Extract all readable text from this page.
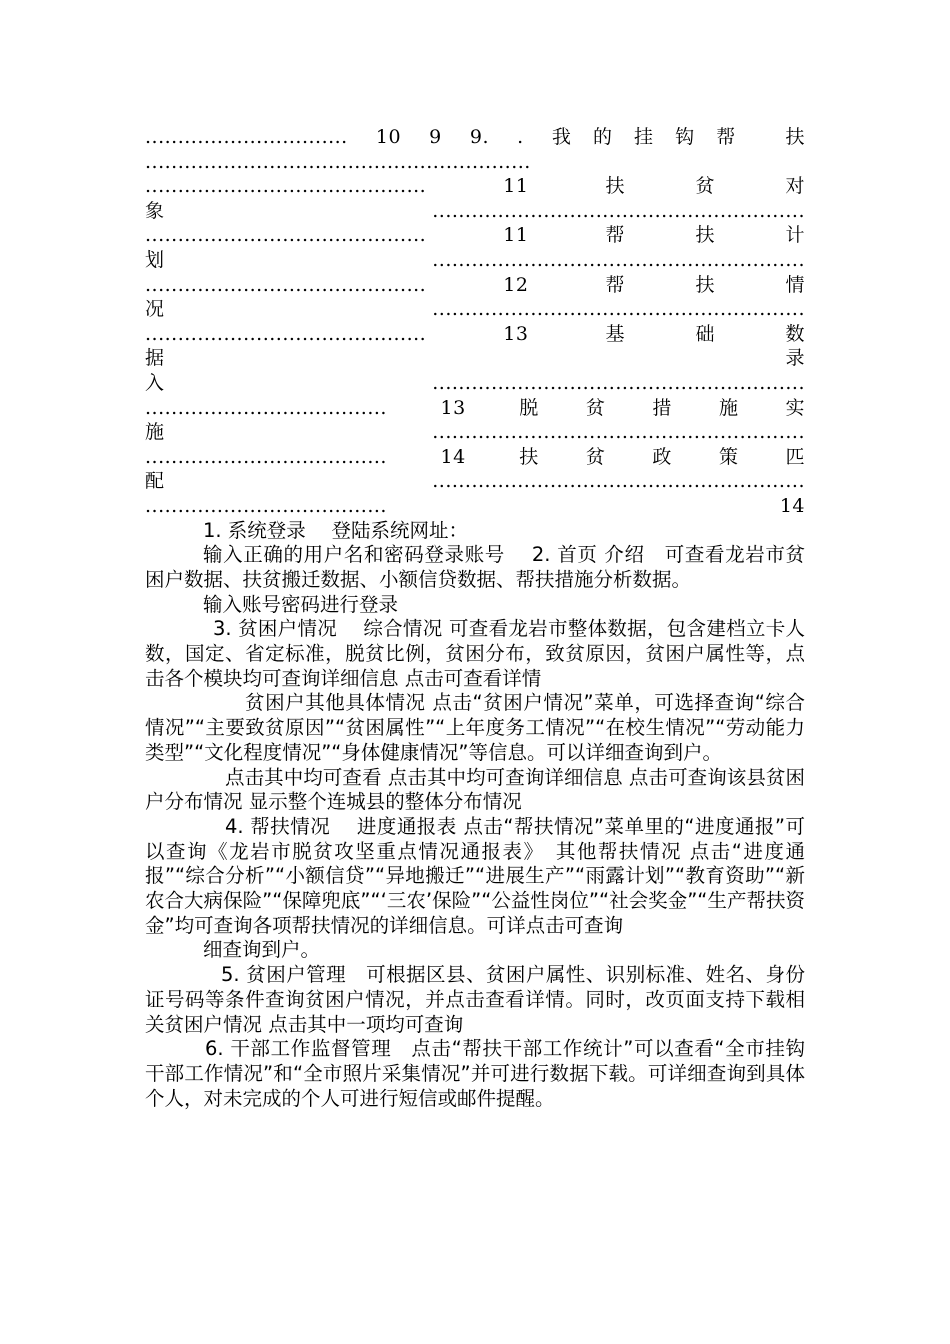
............................... 10 9 9. . 我的挂钩帮 扶
...........................................................
........................................... 11 扶贫对
象.........................................................
........................................... 11 帮扶计
划.........................................................
........................................... 12 帮扶情
况.........................................................
........................................... 13 基础数
据 录
入.........................................................
..................................... 13 脱贫措施实
施.........................................................
..................................... 14 扶贫政策匹
配.........................................................
..................................... 14

1. 系统登录　 登陆系统网址：

输入正确的用户名和密码登录账号　 2. 首页 介绍　可查看龙岩市贫困户数据、扶贫搬迁数据、小额信贷数据、帮扶措施分析数据。

输入账号密码进行登录

3. 贫困户情况　 综合情况 可查看龙岩市整体数据，包含建档立卡人数，国定、省定标准，脱贫比例，贫困分布，致贫原因，贫困户属性等，点击各个模块均可查询详细信息 点击可查看详情

贫困户其他具体情况 点击“贫困户情况”菜单，可选择查询“综合情况”“主要致贫原因”“贫困属性”“上年度务工情况”“在校生情况”“劳动能力类型”“文化程度情况”“身体健康情况”等信息。可以详细查询到户。

点击其中均可查看 点击其中均可查询详细信息 点击可查询该县贫困户分布情况 显示整个连城县的整体分布情况

4. 帮扶情况　 进度通报表 点击“帮扶情况”菜单里的“进度通报”可以查询《龙岩市脱贫攻坚重点情况通报表》　其他帮扶情况 点击“进度通报”“综合分析”“小额信贷”“异地搬迁”“进展生产”“雨露计划”“教育资助”“新农合大病保险”“保障兜底”“‘三农’保险”“公益性岗位”“社会奖金”“生产帮扶资金”均可查询各项帮扶情况的详细信息。可详点击可查询

细查询到户。

5. 贫困户管理　可根据区县、贫困户属性、识别标准、姓名、身份证号码等条件查询贫困户情况，并点击查看详情。同时，改页面支持下载相关贫困户情况 点击其中一项均可查询

6. 干部工作监督管理　点击“帮扶干部工作统计”可以查看“全市挂钩干部工作情况”和“全市照片采集情况”并可进行数据下载。可详细查询到具体个人，对未完成的个人可进行短信或邮件提醒。
